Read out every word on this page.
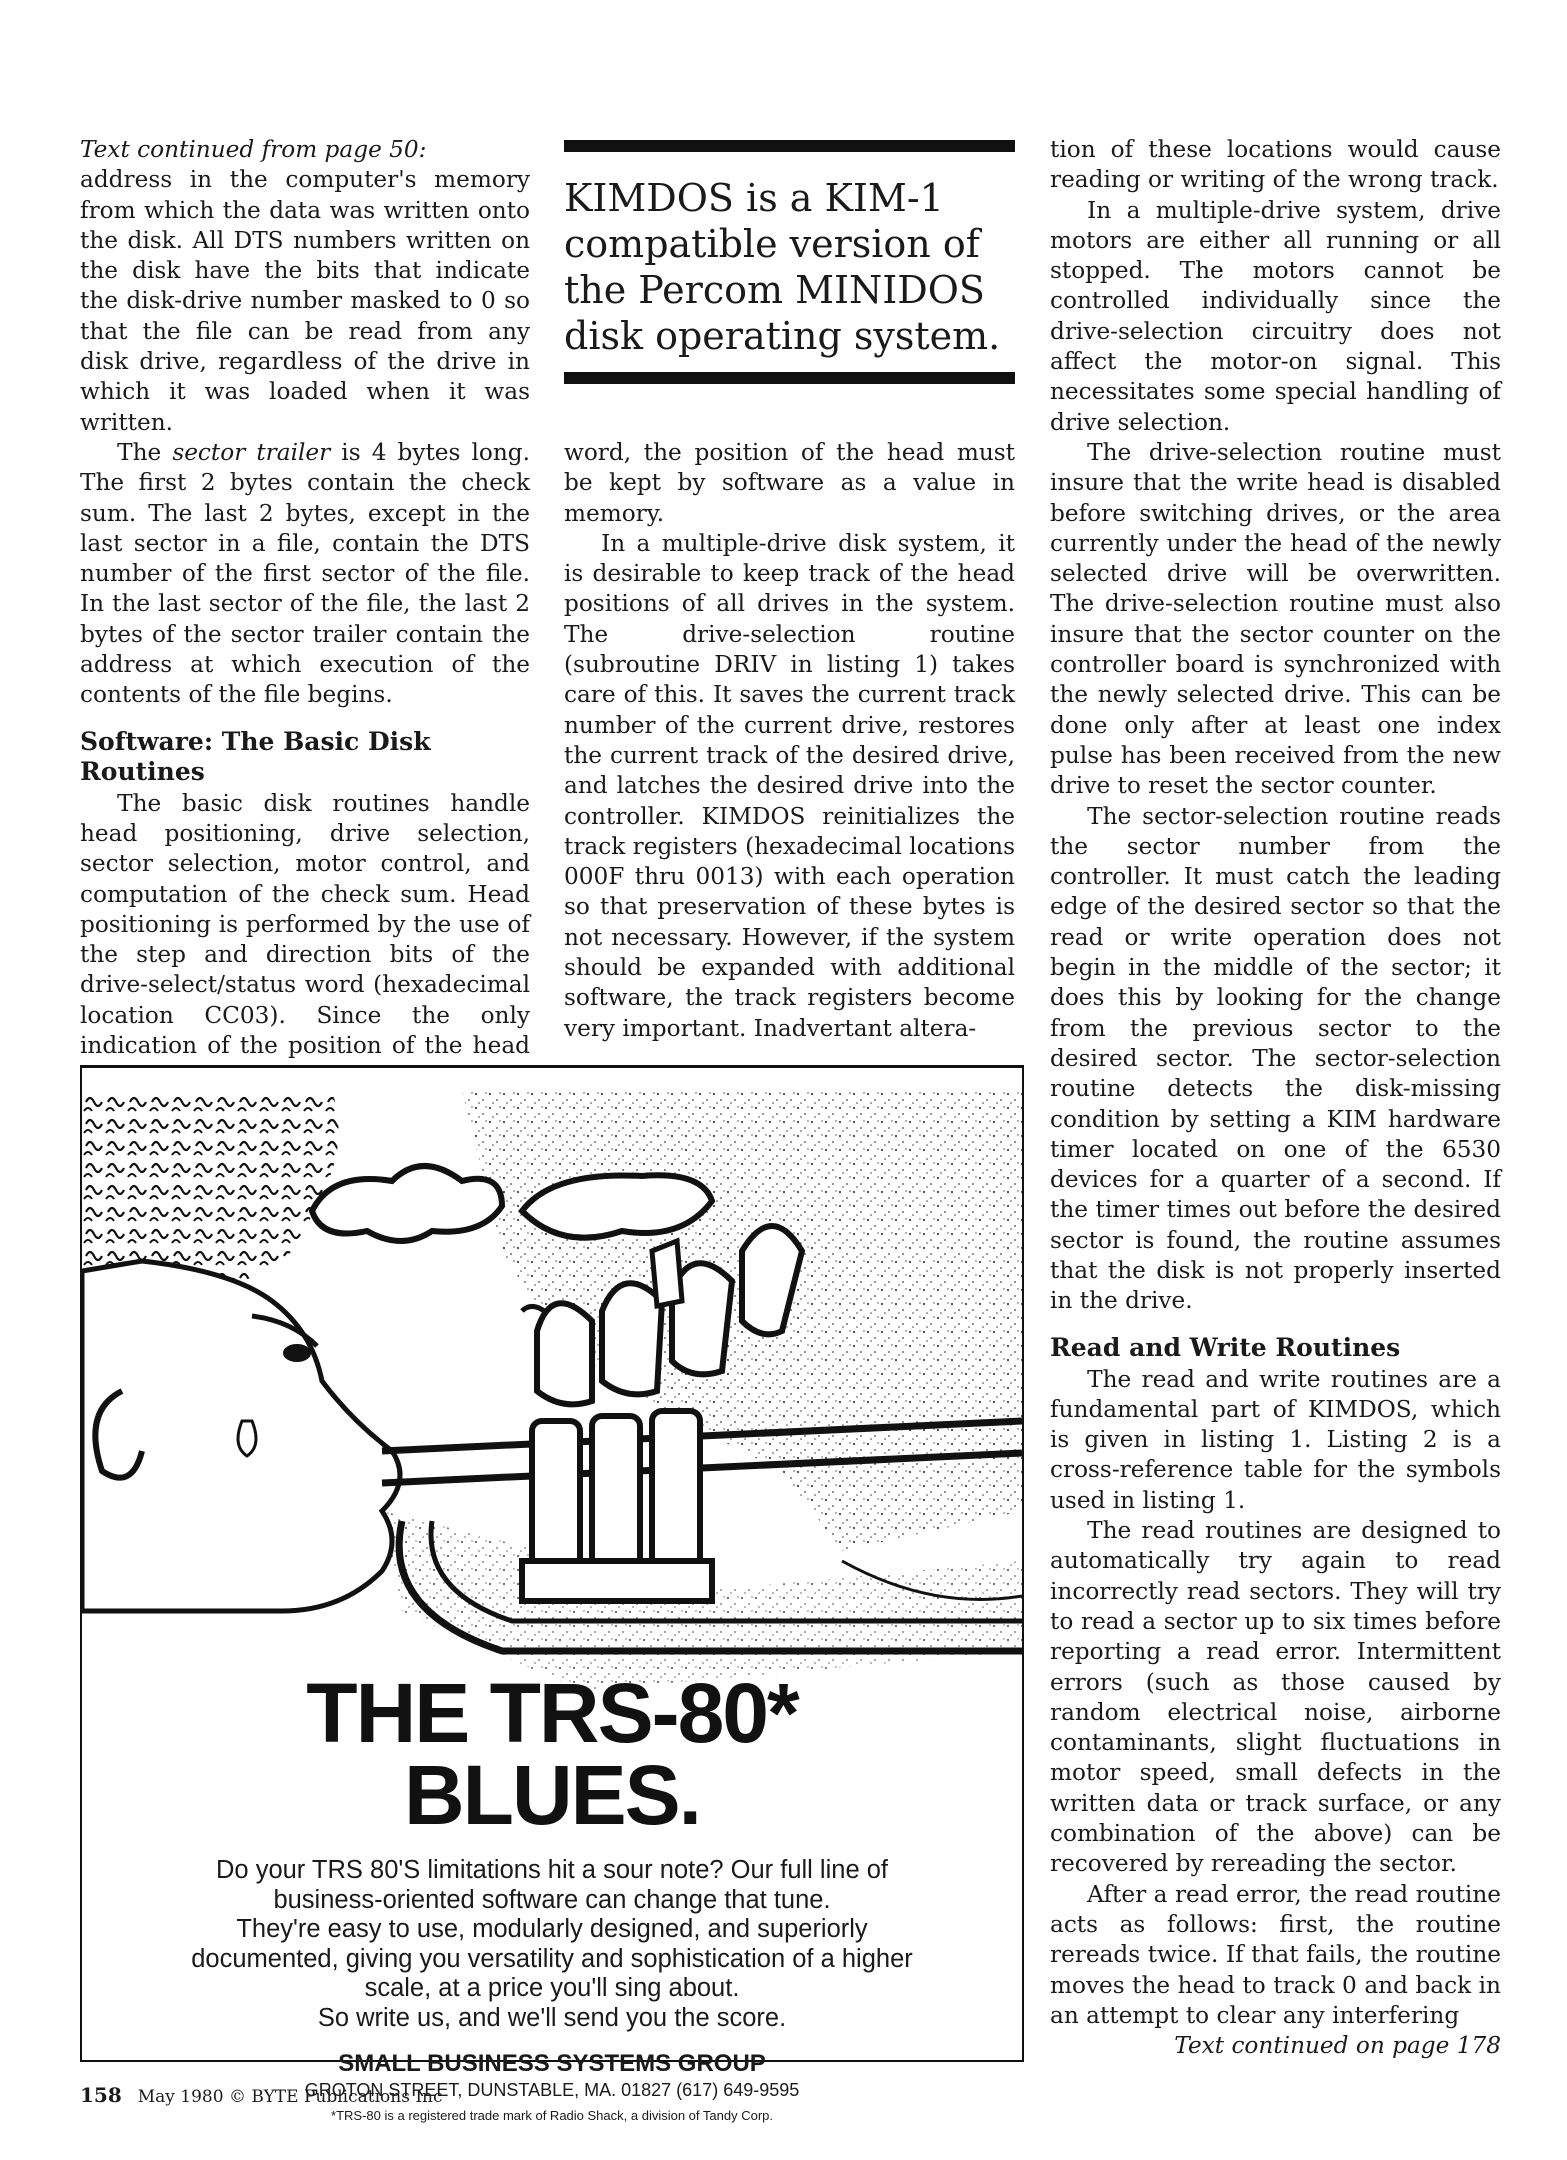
Text continued from page 50:

address in the computer's memory from which the data was written onto the disk. All DTS numbers written on the disk have the bits that indicate the disk-drive number masked to 0 so that the file can be read from any disk drive, regardless of the drive in which it was loaded when it was written.

The sector trailer is 4 bytes long. The first 2 bytes contain the check sum. The last 2 bytes, except in the last sector in a file, contain the DTS number of the first sector of the file. In the last sector of the file, the last 2 bytes of the sector trailer contain the address at which execution of the contents of the file begins.

Software: The Basic Disk Routines

The basic disk routines handle head positioning, drive selection, sector selection, motor control, and computation of the check sum. Head positioning is performed by the use of the step and direction bits of the drive-select/status word (hexadecimal location CC03). Since the only indication of the position of the head

KIMDOS is a KIM-1 compatible version of the Percom MINIDOS disk operating system.

word, the position of the head must be kept by software as a value in memory.

In a multiple-drive disk system, it is desirable to keep track of the head positions of all drives in the system. The drive-selection routine (subroutine DRIV in listing 1) takes care of this. It saves the current track number of the current drive, restores the current track of the desired drive, and latches the desired drive into the controller. KIMDOS reinitializes the track registers (hexadecimal locations 000F thru 0013) with each operation so that preservation of these bytes is not necessary. However, if the system should be expanded with additional software, the track registers become very important. Inadvertant altera-

tion of these locations would cause reading or writing of the wrong track.

In a multiple-drive system, drive motors are either all running or all stopped. The motors cannot be controlled individually since the drive-selection circuitry does not affect the motor-on signal. This necessitates some special handling of drive selection.

The drive-selection routine must insure that the write head is disabled before switching drives, or the area currently under the head of the newly selected drive will be overwritten. The drive-selection routine must also insure that the sector counter on the controller board is synchronized with the newly selected drive. This can be done only after at least one index pulse has been received from the new drive to reset the sector counter.

The sector-selection routine reads the sector number from the controller. It must catch the leading edge of the desired sector so that the read or write operation does not begin in the middle of the sector; it does this by looking for the change from the previous sector to the desired sector. The sector-selection routine detects the disk-missing condition by setting a KIM hardware timer located on one of the 6530 devices for a quarter of a second. If the timer times out before the desired sector is found, the routine assumes that the disk is not properly inserted in the drive.

Read and Write Routines

The read and write routines are a fundamental part of KIMDOS, which is given in listing 1. Listing 2 is a cross-reference table for the symbols used in listing 1.

The read routines are designed to automatically try again to read incorrectly read sectors. They will try to read a sector up to six times before reporting a read error. Intermittent errors (such as those caused by random electrical noise, airborne contaminants, slight fluctuations in motor speed, small defects in the written data or track surface, or any combination of the above) can be recovered by rereading the sector.

After a read error, the read routine acts as follows: first, the routine rereads twice. If that fails, the routine moves the head to track 0 and back in an attempt to clear any interfering

Text continued on page 178
THE TRS-80*
BLUES.
Do your TRS 80'S limitations hit a sour note? Our full line of
business-oriented software can change that tune.
They're easy to use, modularly designed, and superiorly
documented, giving you versatility and sophistication of a higher
scale, at a price you'll sing about.
So write us, and we'll send you the score.
SMALL BUSINESS SYSTEMS GROUP
GROTON STREET, DUNSTABLE, MA. 01827 (617) 649-9595
*TRS-80 is a registered trade mark of Radio Shack, a division of Tandy Corp.
158 May 1980 © BYTE Publications Inc
